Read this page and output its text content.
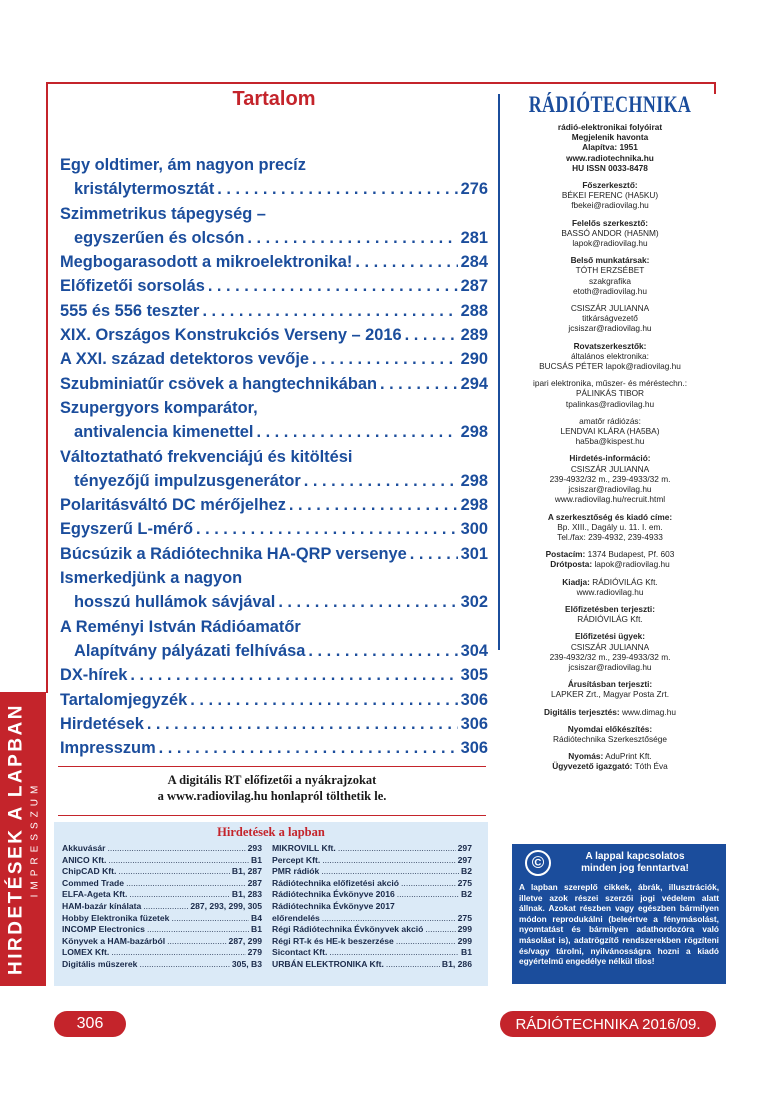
HIRDETÉSEK A LAPBAN IMPRESSZUM
Tartalom
Egy oldtimer, ám nagyon precíz
kristálytermosztát . . .	276
Szimmetrikus tápegység –
egyszerűen és olcsón . . .	281
Megbogarasodott a mikroelektronika! . . .	284
Előfizetői sorsolás . . .	287
555 és 556 teszter . . .	288
XIX. Országos Konstrukciós Verseny – 2016 . . .	289
A XXI. század detektoros vevője . . .	290
Szubminiatűr csövek a hangtechnikában . . .	294
Szupergyors komparátor,
antivalencia kimenettel . . .	298
Változtatható frekvenciájú és kitöltési
tényezőjű impulzusgenerátor . . .	298
Polaritásváltó DC mérőjelhez . . .	298
Egyszerű L-mérő . . .	300
Búcsúzik a Rádiótechnika HA-QRP versenye . . .	301
Ismerkedjünk a nagyon
hosszú hullámok sávjával . . .	302
A Reményi István Rádióamatőr
Alapítvány pályázati felhívása . . .	304
DX-hírek . . .	305
Tartalomjegyzék . . .	306
Hirdetések . . .	306
Impresszum . . .	306
RÁDIÓTECHNIKA
rádió-elektronikai folyóirat
Megjelenik havonta
Alapítva: 1951
www.radiotechnika.hu
HU ISSN 0033-8478
Főszerkesztő:
BÉKEI FERENC (HA5KU)
fbekei@radiovilag.hu
Felelős szerkesztő:
BASSÓ ANDOR (HA5NM)
lapok@radiovilag.hu
Belső munkatársak:
TÓTH ERZSÉBET
szakgrafika
etoth@radiovilag.hu
CSISZÁR JULIANNA
titkárságvezető
jcsiszar@radiovilag.hu
Rovatszerkesztők:
általános elektronika:
BUCSÁS PÉTER lapok@radiovilag.hu
ipari elektronika, műszer- és méréstechn.:
PÁLINKÁS TIBOR
tpalinkas@radiovilag.hu
amatőr rádiózás:
LENDVAI KLÁRA (HA5BA)
ha5ba@kispest.hu
Hirdetés-információ:
CSISZÁR JULIANNA
239-4932/32 m., 239-4933/32 m.
jcsiszar@radiovilag.hu
www.radiovilag.hu/recruit.html
A szerkesztőség és kiadó címe:
Bp. XIII., Dagály u. 11. I. em.
Tel./fax: 239-4932, 239-4933
Postacím: 1374 Budapest, Pf. 603
Drótposta: lapok@radiovilag.hu
Kiadja: RÁDIÓVILÁG Kft.
www.radiovilag.hu
Előfizetésben terjeszti:
RÁDIÓVILÁG Kft.
Előfizetési ügyek:
CSISZÁR JULIANNA
239-4932/32 m., 239-4933/32 m.
jcsiszar@radiovilag.hu
Árusításban terjeszti:
LAPKER Zrt., Magyar Posta Zrt.
Digitális terjesztés: www.dimag.hu
Nyomdai előkészítés:
Rádiótechnika Szerkesztősége
Nyomás: AduPrint Kft.
Ügyvezető igazgató: Tóth Éva
A digitális RT előfizetői a nyákrajzokat
a www.radiovilag.hu honlapról tölthetik le.
Hirdetések a lapban
Akkuvásár .....	293
ANICO Kft. .....	B1
ChipCAD Kft. .....	B1, 287
Commed Trade .....	287
ELFA-Ageta Kft. .....	B1, 283
HAM-bazár kínálata .....	287, 293, 299, 305
Hobby Elektronika füzetek .....	B4
INCOMP Electronics .....	B1
Könyvek a HAM-bazárból .....	287, 299
LOMEX Kft. .....	279
Digitális műszerek .....	305, B3
MIKROVILL Kft. .....	297
Percept Kft. .....	297
PMR rádiók .....	B2
Rádiótechnika előfizetési akció .....	275
Rádiótechnika Évkönyve 2016 .....	B2
Rádiótechnika Évkönyve 2017
előrendelés .....	275
Régi Rádiótechnika Évkönyvek akció .....	299
Régi RT-k és HE-k beszerzése .....	299
Sicontact Kft. .....	B1
URBÁN ELEKTRONIKA Kft. .....	B1, 286
©	A lappal kapcsolatos
minden jog fenntartva!
A lapban szereplő cikkek, ábrák, illusztrációk, illetve azok részei szerzői jogi védelem alatt állnak. Azokat részben vagy egészben bármilyen módon reprodukálni (beleértve a fénymásolást, nyomtatást és bármilyen adathordozóra való másolást is), adatrögzítő rendszerekben rögzíteni és/vagy tárolni, nyilvánosságra hozni a kiadó egyértelmű engedélye nélkül tilos!
306	RÁDIÓTECHNIKA 2016/09.
